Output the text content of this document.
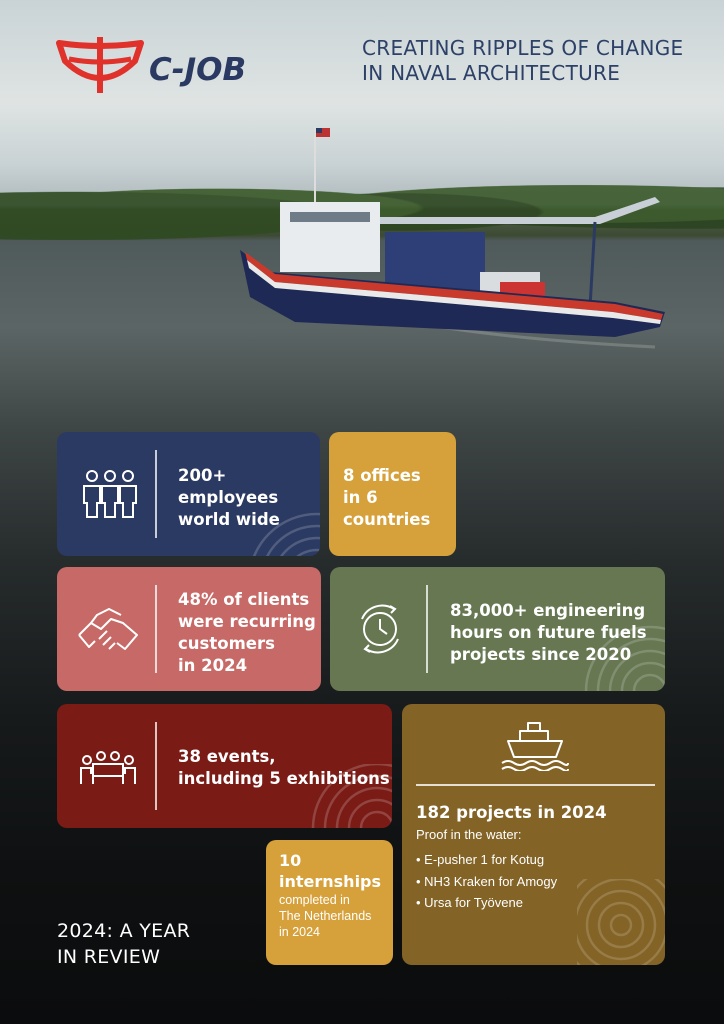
C-JOB
CREATING RIPPLES OF CHANGE
IN NAVAL ARCHITECTURE
200+
employees
world wide
8 offices
in 6
countries
48% of clients
were recurring
customers
in 2024
83,000+ engineering
hours on future fuels
projects since 2020
38 events,
including 5 exhibitions
182 projects in 2024
Proof in the water:
• E-pusher 1 for Kotug
• NH3 Kraken for Amogy
• Ursa for Työvene
10
internships
completed in
The Netherlands
in 2024
2024: A YEAR
IN REVIEW
